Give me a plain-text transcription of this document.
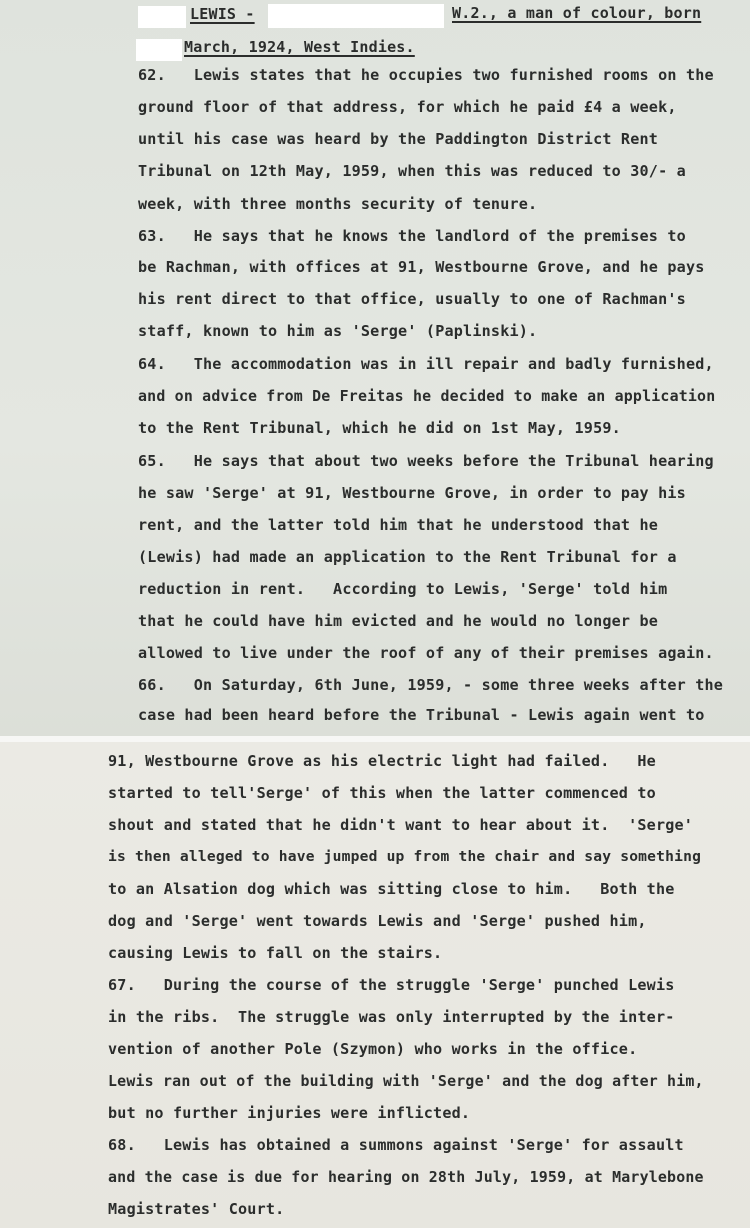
LEWIS -	W.2., a man of colour, born
March, 1924, West Indies.
62.   Lewis states that he occupies two furnished rooms on the
ground floor of that address, for which he paid £4 a week,
until his case was heard by the Paddington District Rent
Tribunal on 12th May, 1959, when this was reduced to 30/- a
week, with three months security of tenure.
63.   He says that he knows the landlord of the premises to
be Rachman, with offices at 91, Westbourne Grove, and he pays
his rent direct to that office, usually to one of Rachman's
staff, known to him as 'Serge' (Paplinski).
64.   The accommodation was in ill repair and badly furnished,
and on advice from De Freitas he decided to make an application
to the Rent Tribunal, which he did on 1st May, 1959.
65.   He says that about two weeks before the Tribunal hearing
he saw 'Serge' at 91, Westbourne Grove, in order to pay his
rent, and the latter told him that he understood that he
(Lewis) had made an application to the Rent Tribunal for a
reduction in rent.   According to Lewis, 'Serge' told him
that he could have him evicted and he would no longer be
allowed to live under the roof of any of their premises again.
66.   On Saturday, 6th June, 1959, - some three weeks after the
case had been heard before the Tribunal - Lewis again went to
91, Westbourne Grove as his electric light had failed.   He
started to tell'Serge' of this when the latter commenced to
shout and stated that he didn't want to hear about it.  'Serge'
is then alleged to have jumped up from the chair and say something
to an Alsation dog which was sitting close to him.   Both the
dog and 'Serge' went towards Lewis and 'Serge' pushed him,
causing Lewis to fall on the stairs.
67.   During the course of the struggle 'Serge' punched Lewis
in the ribs.  The struggle was only interrupted by the inter-
vention of another Pole (Szymon) who works in the office.
Lewis ran out of the building with 'Serge' and the dog after him,
but no further injuries were inflicted.
68.   Lewis has obtained a summons against 'Serge' for assault
and the case is due for hearing on 28th July, 1959, at Marylebone
Magistrates' Court.
